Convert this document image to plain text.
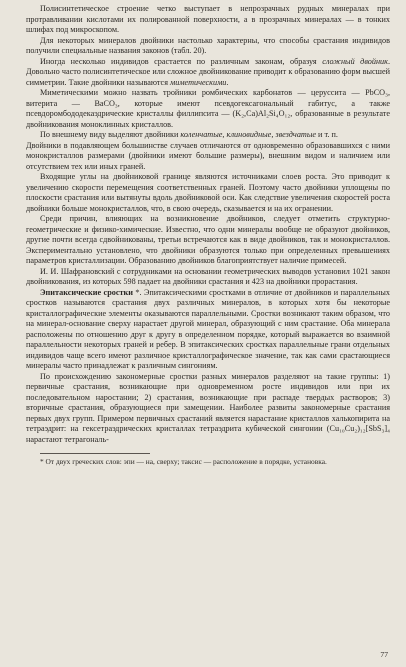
Полисинтетическое строение четко выступает в непрозрачных рудных минералах при протравливании кислотами их полированной поверхности, а в прозрачных минералах — в тонких шлифах под микроскопом.

Для некоторых минералов двойники настолько характерны, что способы срастания индивидов получили специальные названия законов (табл. 20).

Иногда несколько индивидов срастается по различным законам, образуя сложный двойник. Довольно часто полисинтетическое или сложное двойникование приводит к образованию форм высшей симметрии. Такие двойники называются миметическими.

Миметическими можно назвать тройники ромбических карбонатов — церуссита — PbCO₃, витерита — BaCO₃, которые имеют псевдогексагональный габитус, а также псевдоромбододекаэдрические кристаллы филлипсита — (K₂,Ca)Al₂Si₄O₁₂, образованные в результате двойникования моноклинных кристаллов.

По внешнему виду выделяют двойники коленчатые, клиновидные, звездчатые и т. п.

Двойники в подавляющем большинстве случаев отличаются от одновременно образовавшихся с ними монокристаллов размерами (двойники имеют большие размеры), внешним видом и наличием или отсутствием тех или иных граней.

Входящие углы на двойниковой границе являются источниками слоев роста. Это приводит к увеличению скорости перемещения соответственных граней. Поэтому часто двойники уплощены по плоскости срастания или вытянуты вдоль двойниковой оси. Как следствие увеличения скоростей роста двойники больше монокристаллов, что, в свою очередь, сказывается и на их огранении.

Среди причин, влияющих на возникновение двойников, следует отметить структурно-геометрические и физико-химические. Известно, что одни минералы вообще не образуют двойников, другие почти всегда сдвойникованы, третьи встречаются как в виде двойников, так и монокристаллов. Экспериментально установлено, что двойники образуются только при определенных превышениях параметров кристаллизации. Образованию двойников благоприятствует наличие примесей.

И. И. Шафрановский с сотрудниками на основании геометрических выводов установил 1021 закон двойникования, из которых 598 падает на двойники срастания и 423 на двойники прорастания.

Эпитаксические сростки *. Эпитаксическими сростками в отличие от двойников и параллельных сростков называются срастания двух различных минералов, в которых хотя бы некоторые кристаллографические элементы оказываются параллельными. Сростки возникают таким образом, что на минерал-основание сверху нарастает другой минерал, образующий с ним срастание. Оба минерала расположены по отношению друг к другу в определенном порядке, который выражается во взаимной параллельности некоторых граней и ребер. В эпитаксических сростках параллельные грани отдельных индивидов чаще всего имеют различное кристаллографическое значение, так как сами срастающиеся минералы часто принадлежат к различным сингониям.

По происхождению закономерные сростки разных минералов разделяют на такие группы: 1) первичные срастания, возникающие при одновременном росте индивидов или при их последовательном наростании; 2) срастания, возникающие при распаде твердых растворов; 3) вторичные срастания, образующиеся при замещении. Наиболее развиты закономерные срастания первых двух групп. Примером первичных срастаний является нарастание кристаллов халькопирита на тетраэдрит: на гексетраэдрических кристаллах тетраэдрита кубической сингонии (Cu₁₀Cu₂)₁₂[SbS₃]₄ нарастают тетрагональ-

* От двух греческих слов: эпи — на, сверху; таксис — расположение в порядке, установка.

77
